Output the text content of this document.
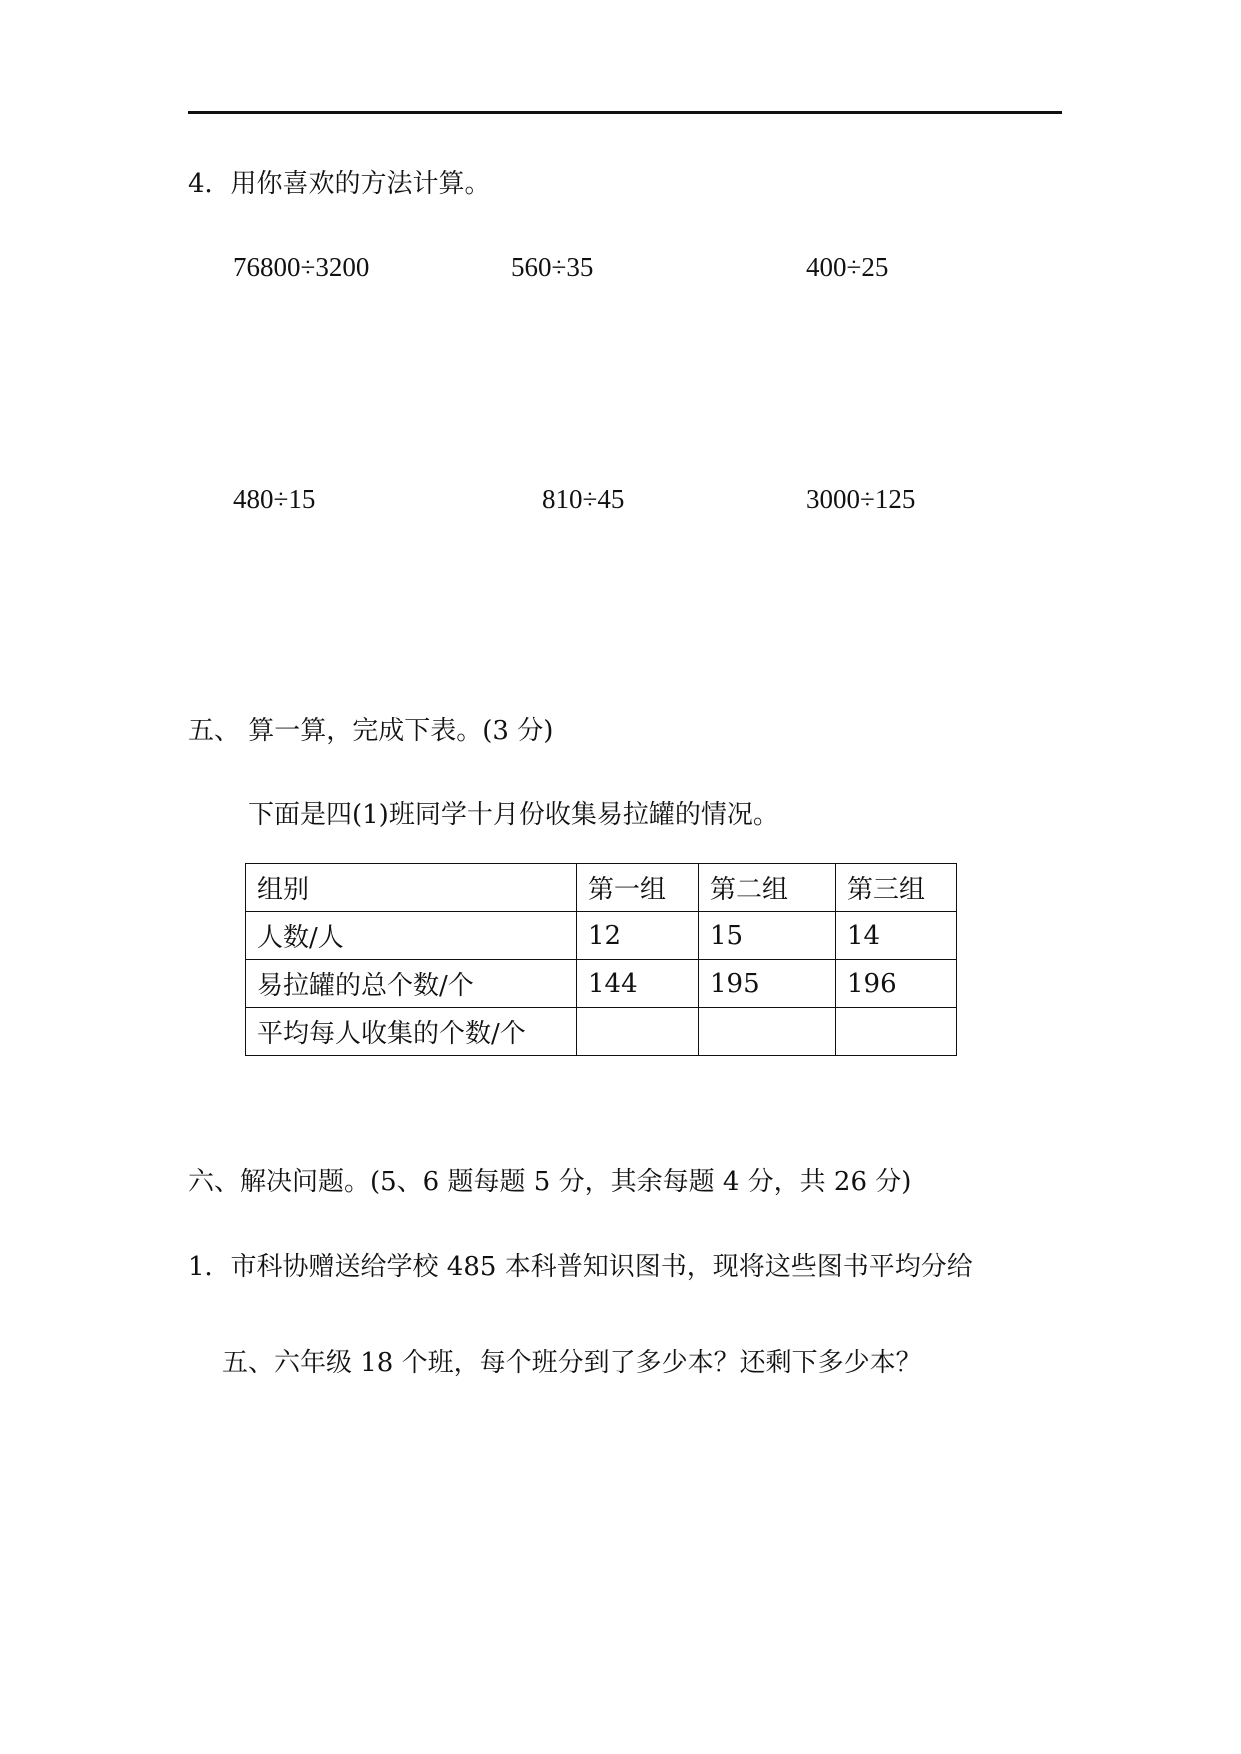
4．用你喜欢的方法计算。
76800÷3200	560÷35	400÷25
480÷15	810÷45	3000÷125
五、 算一算，完成下表。(3 分)
下面是四(1)班同学十月份收集易拉罐的情况。
组别	第一组	第二组	第三组
人数/人	12	15	14
易拉罐的总个数/个	144	195	196
平均每人收集的个数/个			
六、解决问题。(5、6 题每题 5 分，其余每题 4 分，共 26 分)
1．市科协赠送给学校 485 本科普知识图书，现将这些图书平均分给
五、六年级 18 个班，每个班分到了多少本？还剩下多少本？
